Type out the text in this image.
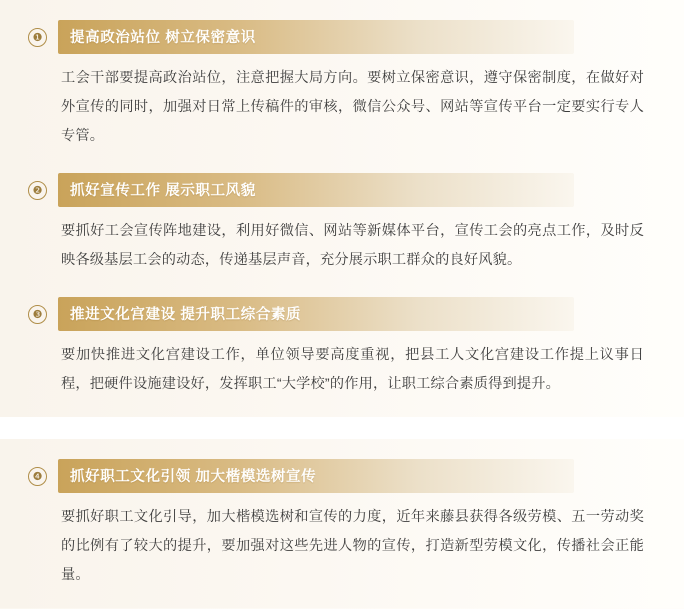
❶	提高政治站位 树立保密意识
工会干部要提高政治站位，注意把握大局方向。要树立保密意识，遵守保密制度，在做好对外宣传的同时，加强对日常上传稿件的审核，微信公众号、网站等宣传平台一定要实行专人专管。
❷	抓好宣传工作 展示职工风貌
要抓好工会宣传阵地建设，利用好微信、网站等新媒体平台，宣传工会的亮点工作，及时反映各级基层工会的动态，传递基层声音，充分展示职工群众的良好风貌。
❸	推进文化宫建设 提升职工综合素质
要加快推进文化宫建设工作，单位领导要高度重视，把县工人文化宫建设工作提上议事日程，把硬件设施建设好，发挥职工“大学校”的作用，让职工综合素质得到提升。
❹	抓好职工文化引领 加大楷模选树宣传
要抓好职工文化引导，加大楷模选树和宣传的力度，近年来藤县获得各级劳模、五一劳动奖的比例有了较大的提升，要加强对这些先进人物的宣传，打造新型劳模文化，传播社会正能量。
